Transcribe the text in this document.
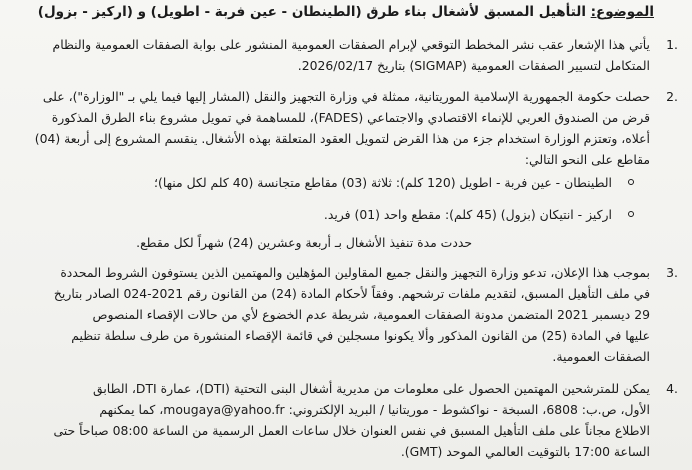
الموضوع: التأهيل المسبق لأشغال بناء طرق (الطينطان - عين فربة - اطويل) و (اركيز - بزول)
1.
يأتي هذا الإشعار عقب نشر المخطط التوقعي لإبرام الصفقات العمومية المنشور على بوابة الصفقات العمومية والنظام
المتكامل لتسيير الصفقات العمومية (SIGMAP) بتاريخ 2026/02/17.
2.
حصلت حكومة الجمهورية الإسلامية الموريتانية، ممثلة في وزارة التجهيز والنقل (المشار إليها فيما يلي بـ "الوزارة")، على
قرض من الصندوق العربي للإنماء الاقتصادي والاجتماعي (FADES)، للمساهمة في تمويل مشروع بناء الطرق المذكورة
أعلاه، وتعتزم الوزارة استخدام جزء من هذا القرض لتمويل العقود المتعلقة بهذه الأشغال. ينقسم المشروع إلى أربعة (04)
مقاطع على النحو التالي:
الطينطان - عين فربة - اطويل (120 كلم): ثلاثة (03) مقاطع متجانسة (40 كلم لكل منها)؛
اركيز - انتيكان (بزول) (45 كلم): مقطع واحد (01) فريد.
حددت مدة تنفيذ الأشغال بـ أربعة وعشرين (24) شهراً لكل مقطع.
3.
بموجب هذا الإعلان، تدعو وزارة التجهيز والنقل جميع المقاولين المؤهلين والمهتمين الذين يستوفون الشروط المحددة
في ملف التأهيل المسبق، لتقديم ملفات ترشحهم. وفقاً لأحكام المادة (24) من القانون رقم 2021-024 الصادر بتاريخ
29 ديسمبر 2021 المتضمن مدونة الصفقات العمومية، شريطة عدم الخضوع لأي من حالات الإقصاء المنصوص
عليها في المادة (25) من القانون المذكور وألا يكونوا مسجلين في قائمة الإقصاء المنشورة من طرف سلطة تنظيم
الصفقات العمومية.
4.
يمكن للمترشحين المهتمين الحصول على معلومات من مديرية أشغال البنى التحتية (DTI)، عمارة DTI، الطابق
الأول، ص.ب: 6808، السبخة - نواكشوط - موريتانيا / البريد الإلكتروني: mougaya@yahoo.fr، كما يمكنهم
الاطلاع مجاناً على ملف التأهيل المسبق في نفس العنوان خلال ساعات العمل الرسمية من الساعة 08:00 صباحاً حتى
الساعة 17:00 بالتوقيت العالمي الموحد (GMT).
